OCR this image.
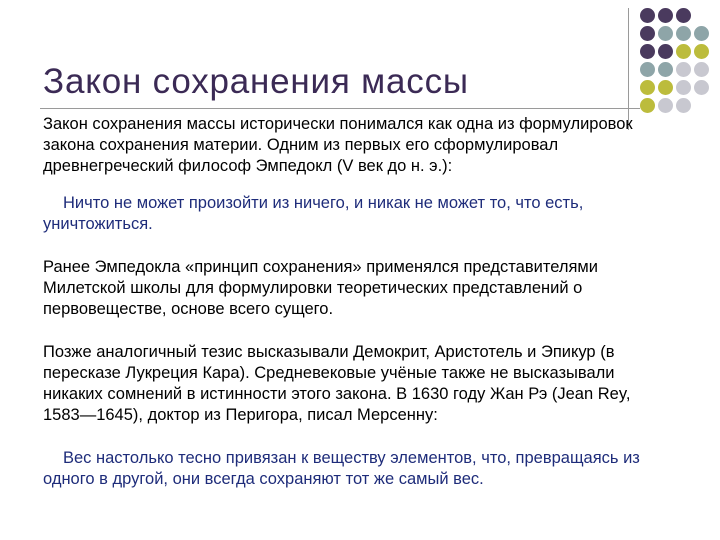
Закон сохранения массы

Закон сохранения массы исторически понимался как одна из формулировок закона сохранения материи. Одним из первых его сформулировал древнегреческий философ Эмпедокл (V век до н. э.):

Ничто не может произойти из ничего, и никак не может то, что есть, уничтожиться.

Ранее Эмпедокла «принцип сохранения» применялся представителями Милетской школы для формулировки теоретических представлений о первовеществе, основе всего сущего.

Позже аналогичный тезис высказывали Демокрит, Аристотель и Эпикур (в пересказе Лукреция Кара). Средневековые учёные также не высказывали никаких сомнений в истинности этого закона. В 1630 году Жан Рэ (Jean Rey, 1583—1645), доктор из Перигора, писал Мерсенну:

Вес настолько тесно привязан к веществу элементов, что, превращаясь из одного в другой, они всегда сохраняют тот же самый вес.
